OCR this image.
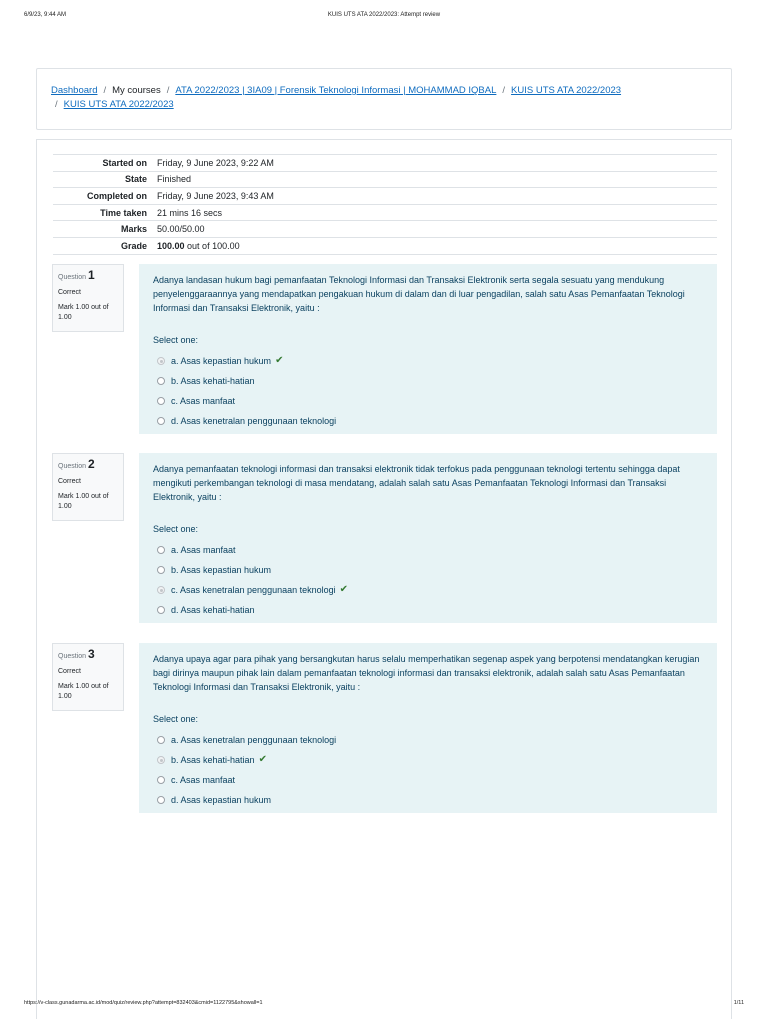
6/9/23, 9:44 AM	KUIS UTS ATA 2022/2023: Attempt review
Dashboard / My courses / ATA 2022/2023 | 3IA09 | Forensik Teknologi Informasi | MOHAMMAD IQBAL / KUIS UTS ATA 2022/2023
/ KUIS UTS ATA 2022/2023
Started on	Friday, 9 June 2023, 9:22 AM
State	Finished
Completed on	Friday, 9 June 2023, 9:43 AM
Time taken	21 mins 16 secs
Marks	50.00/50.00
Grade	100.00 out of 100.00
Question 1
Correct
Mark 1.00 out of 1.00
Adanya landasan hukum bagi pemanfaatan Teknologi Informasi dan Transaksi Elektronik serta segala sesuatu yang mendukung penyelenggaraannya yang mendapatkan pengakuan hukum di dalam dan di luar pengadilan, salah satu Asas Pemanfaatan Teknologi Informasi dan Transaksi Elektronik, yaitu :
Select one:
a. Asas kepastian hukum ✔
b. Asas kehati-hatian
c. Asas manfaat
d. Asas kenetralan penggunaan teknologi
Question 2
Correct
Mark 1.00 out of 1.00
Adanya pemanfaatan teknologi informasi dan transaksi elektronik tidak terfokus pada penggunaan teknologi tertentu sehingga dapat mengikuti perkembangan teknologi di masa mendatang, adalah salah satu Asas Pemanfaatan Teknologi Informasi dan Transaksi Elektronik, yaitu :
Select one:
a. Asas manfaat
b. Asas kepastian hukum
c. Asas kenetralan penggunaan teknologi ✔
d. Asas kehati-hatian
Question 3
Correct
Mark 1.00 out of 1.00
Adanya upaya agar para pihak yang bersangkutan harus selalu memperhatikan segenap aspek yang berpotensi mendatangkan kerugian bagi dirinya maupun pihak lain dalam pemanfaatan teknologi informasi dan transaksi elektronik, adalah salah satu Asas Pemanfaatan Teknologi Informasi dan Transaksi Elektronik, yaitu :
Select one:
a. Asas kenetralan penggunaan teknologi
b. Asas kehati-hatian ✔
c. Asas manfaat
d. Asas kepastian hukum
https://v-class.gunadarma.ac.id/mod/quiz/review.php?attempt=832403&cmid=1122795&showall=1	1/11
